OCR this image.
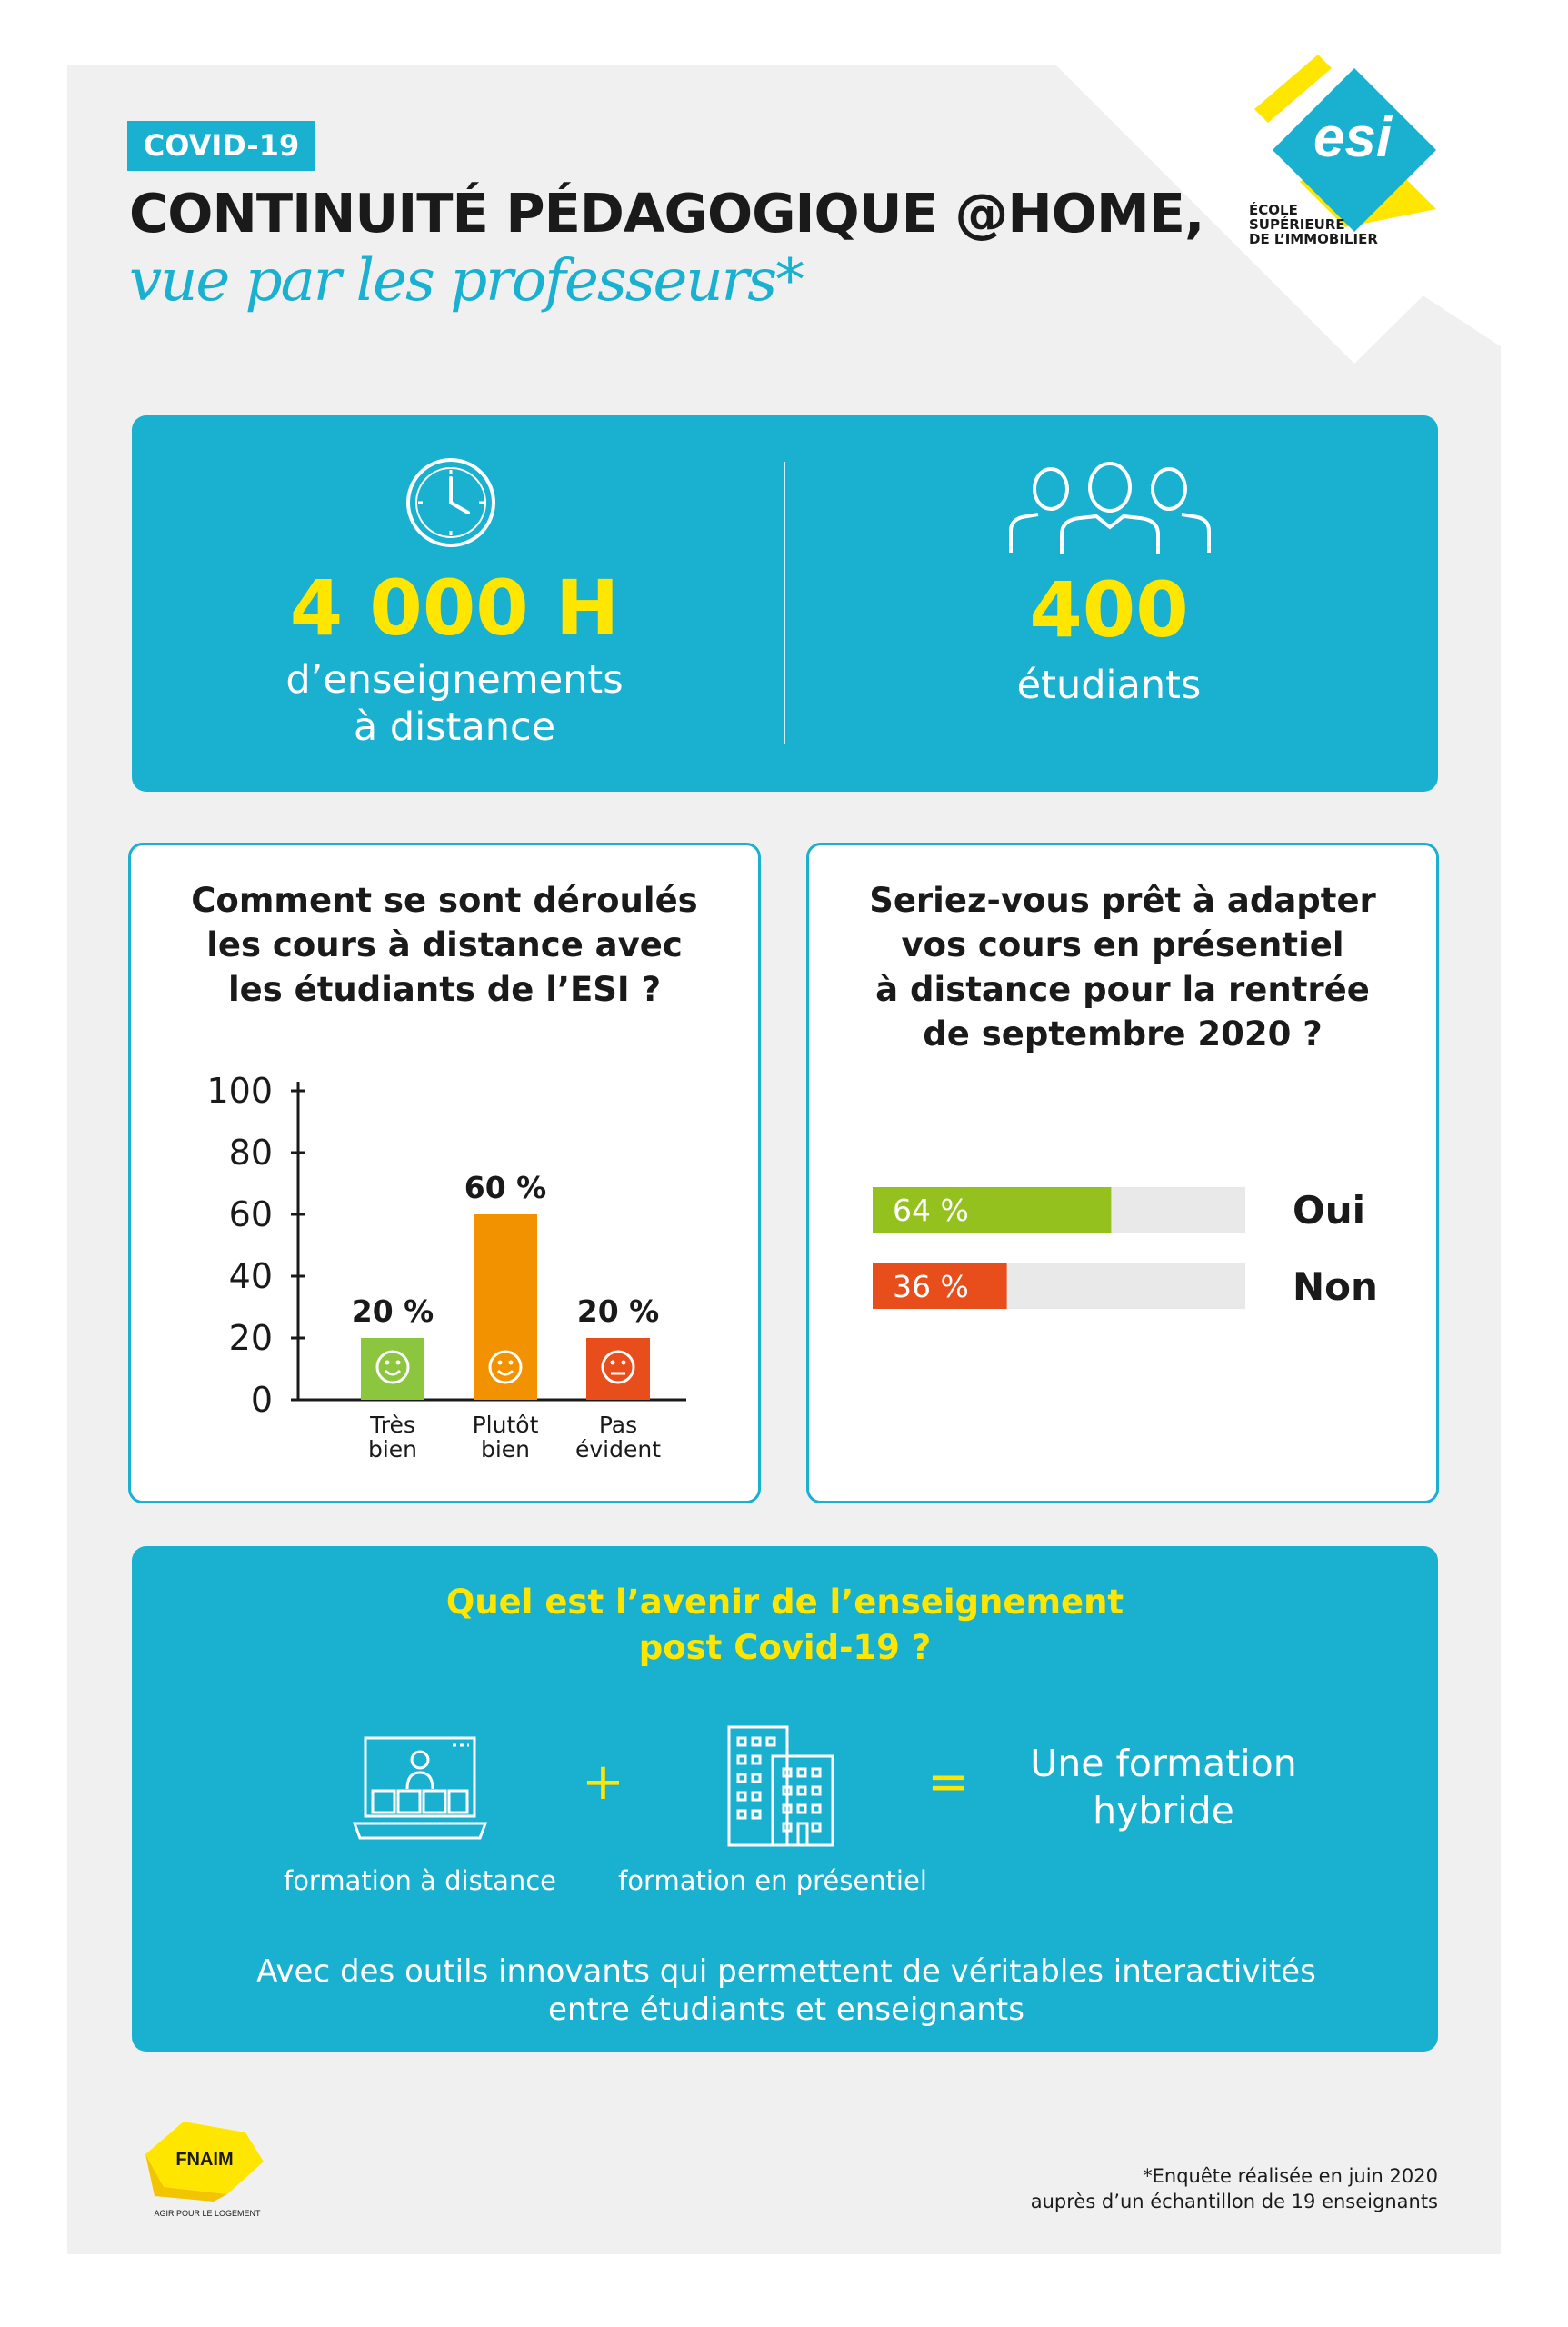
COVID-19
CONTINUITÉ PÉDAGOGIQUE @HOME,
vue par les professeurs*
esi
ÉCOLE
SUPÉRIEURE
DE L’IMMOBILIER
4 000 H
d’enseignements
à distance
400
étudiants
Comment se sont déroulés
les cours à distance avec
les étudiants de l’ESI ?
0
20
40
60
80
100
20 %
Très
bien
60 %
Plutôt
bien
20 %
Pas
évident
Seriez-vous prêt à adapter
vos cours en présentiel
à distance pour la rentrée
de septembre 2020 ?
64 %	Oui
36 %	Non
Quel est l’avenir de l’enseignement
post Covid-19 ?
+	=	Une formation
hybride
formation à distance	formation en présentiel
Avec des outils innovants qui permettent de véritables interactivités
entre étudiants et enseignants
FNAIM
AGIR POUR LE LOGEMENT
*Enquête réalisée en juin 2020
auprès d’un échantillon de 19 enseignants
